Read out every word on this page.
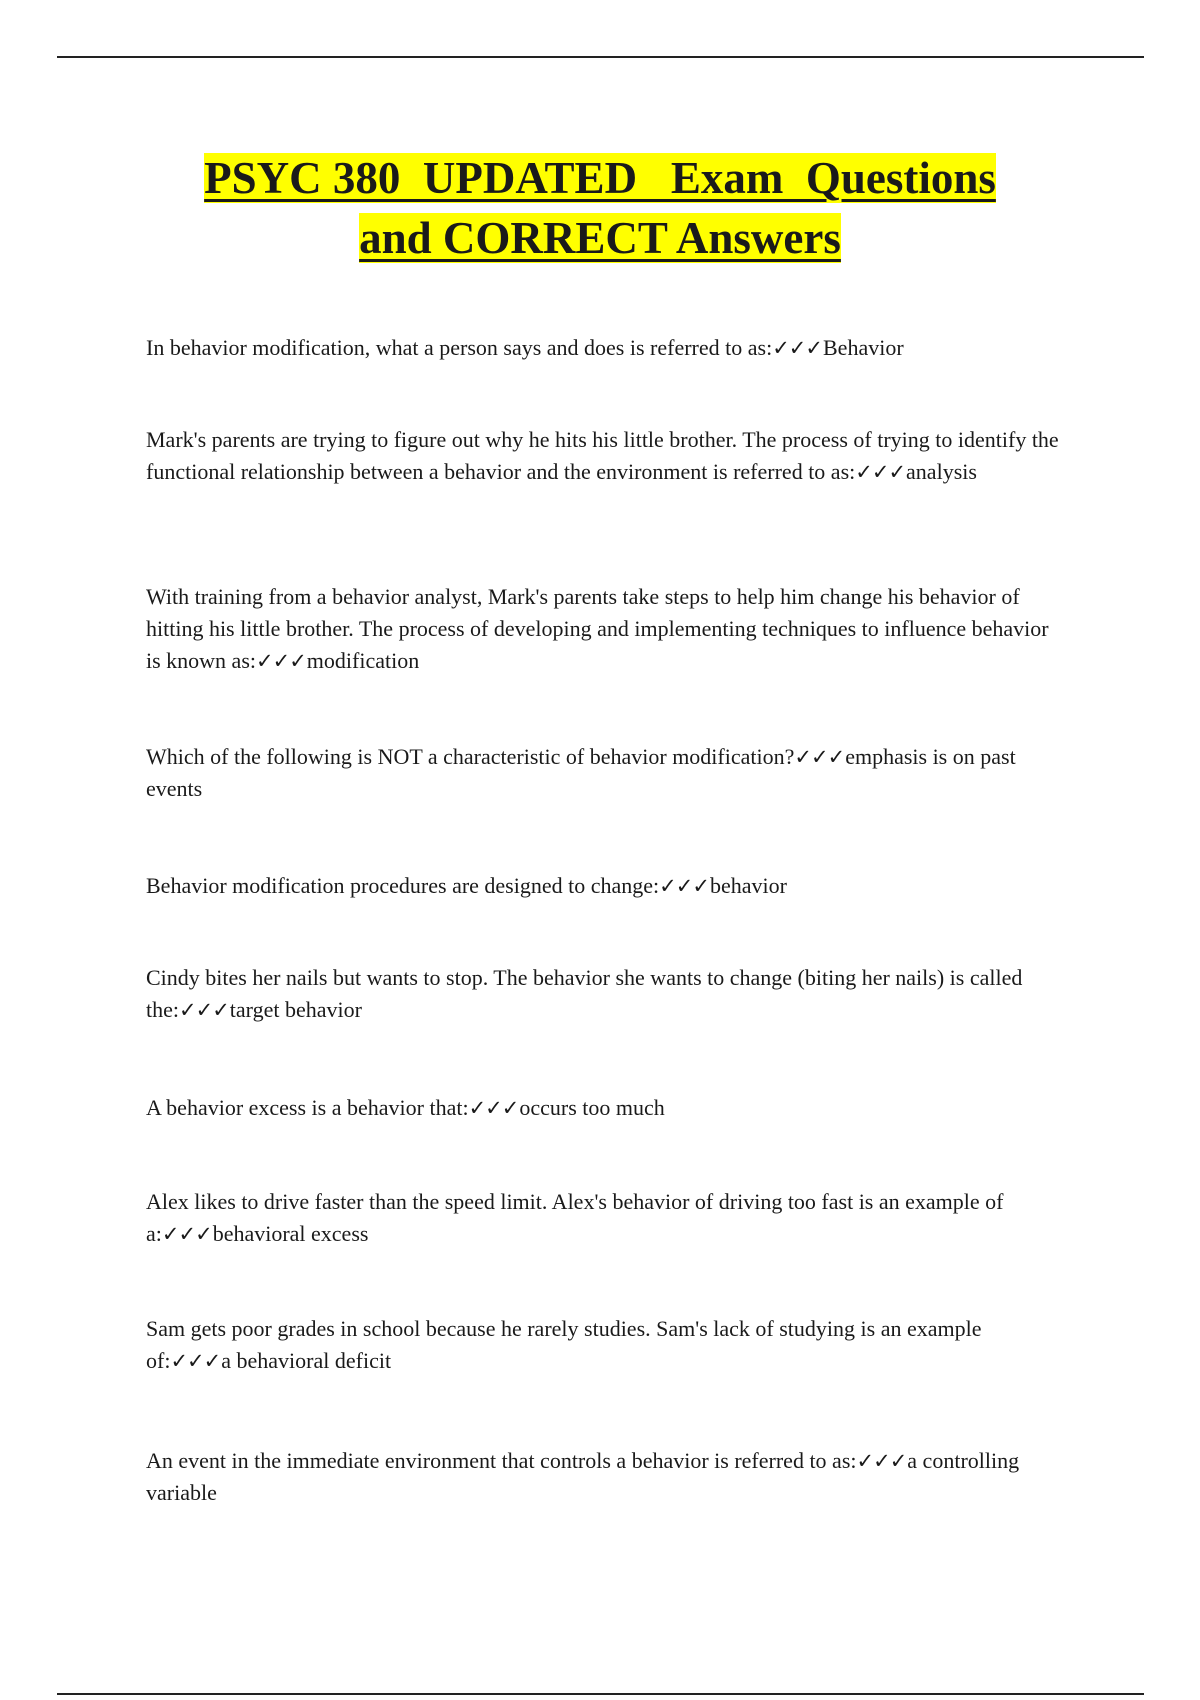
PSYC 380  UPDATED   Exam  Questions
and CORRECT Answers

In behavior modification, what a person says and does is referred to as:✓✓✓Behavior

Mark's parents are trying to figure out why he hits his little brother. The process of trying to identify the functional relationship between a behavior and the environment is referred to as:✓✓✓analysis

With training from a behavior analyst, Mark's parents take steps to help him change his behavior of hitting his little brother. The process of developing and implementing techniques to influence behavior is known as:✓✓✓modification

Which of the following is NOT a characteristic of behavior modification?✓✓✓emphasis is on past events

Behavior modification procedures are designed to change:✓✓✓behavior

Cindy bites her nails but wants to stop. The behavior she wants to change (biting her nails) is called the:✓✓✓target behavior

A behavior excess is a behavior that:✓✓✓occurs too much

Alex likes to drive faster than the speed limit. Alex's behavior of driving too fast is an example of a:✓✓✓behavioral excess

Sam gets poor grades in school because he rarely studies. Sam's lack of studying is an example of:✓✓✓a behavioral deficit

An event in the immediate environment that controls a behavior is referred to as:✓✓✓a controlling variable
